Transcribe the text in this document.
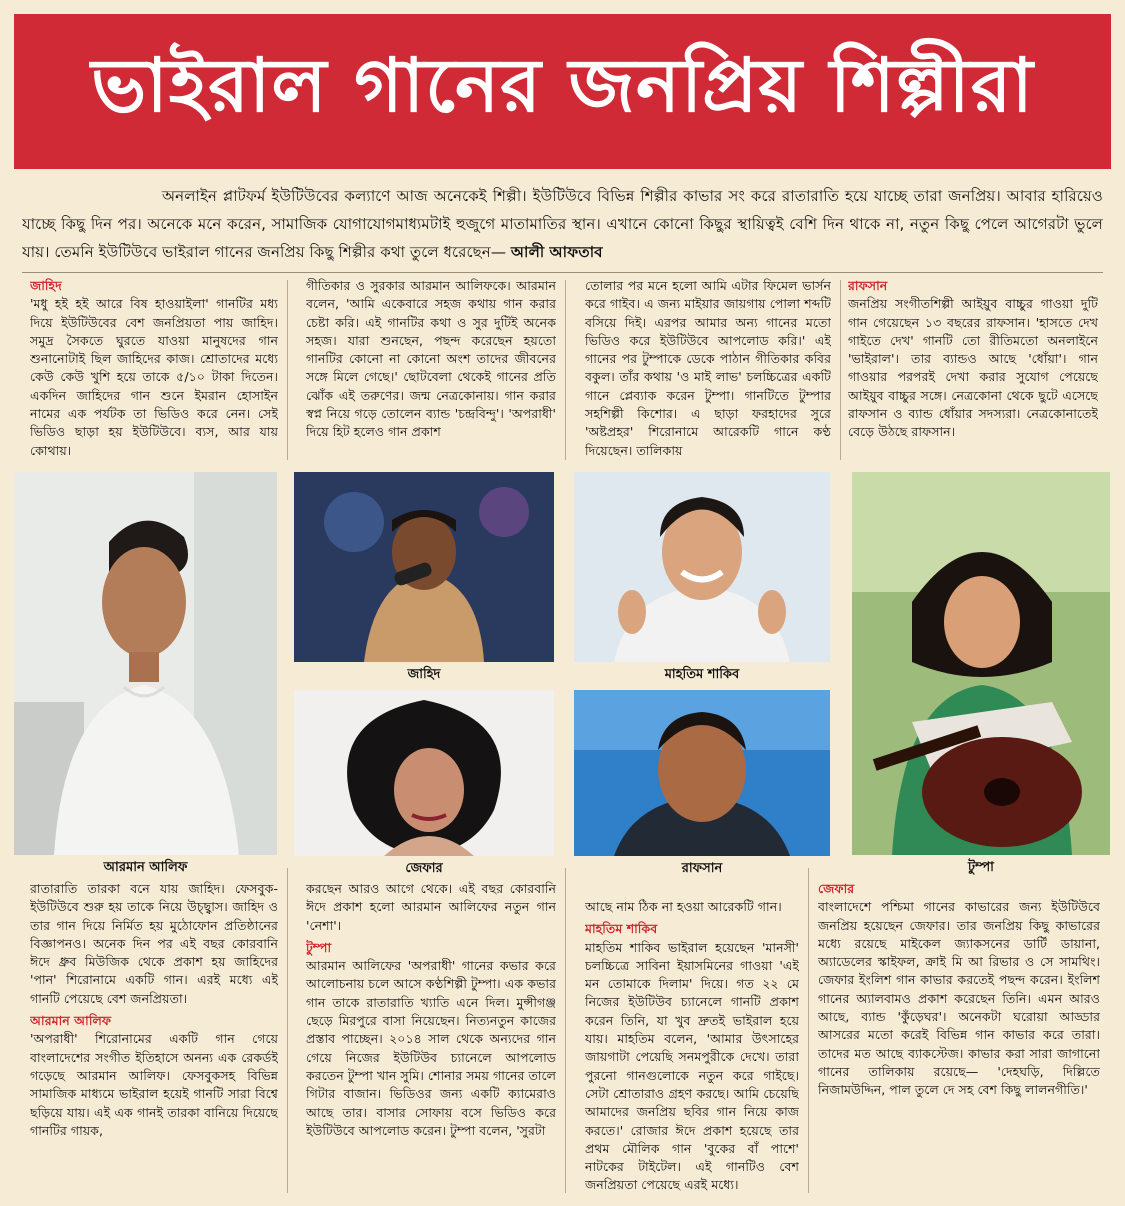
ভাইরাল গানের জনপ্রিয় শিল্পীরা
অনলাইন প্লাটফর্ম ইউটিউবের কল্যাণে আজ অনেকেই শিল্পী। ইউটিউবে বিভিন্ন শিল্পীর কাভার সং করে রাতারাতি হয়ে যাচ্ছে তারা জনপ্রিয়। আবার হারিয়েও যাচ্ছে কিছু দিন পর। অনেকে মনে করেন, সামাজিক যোগাযোগমাধ্যমটাই হুজুগে মাতামাতির স্থান। এখানে কোনো কিছুর স্থায়িত্বই বেশি দিন থাকে না, নতুন কিছু পেলে আগেরটা ভুলে যায়। তেমনি ইউটিউবে ভাইরাল গানের জনপ্রিয় কিছু শিল্পীর কথা তুলে ধরেছেন— আলী আফতাব

জাহিদ

'মধু হই হই আরে বিষ হাওয়াইলা' গানটির মধ্য দিয়ে ইউটিউবের বেশ জনপ্রিয়তা পায় জাহিদ। সমুদ্র সৈকতে ঘুরতে যাওয়া মানুষদের গান শুনানোটাই ছিল জাহিদের কাজ। শ্রোতাদের মধ্যে কেউ কেউ খুশি হয়ে তাকে ৫/১০ টাকা দিতেন। একদিন জাহিদের গান শুনে ইমরান হোসাইন নামের এক পর্যটক তা ভিডিও করে নেন। সেই ভিডিও ছাড়া হয় ইউটিউবে। ব্যস, আর যায় কোথায়।

গীতিকার ও সুরকার আরমান আলিফকে। আরমান বলেন, 'আমি একেবারে সহজ কথায় গান করার চেষ্টা করি। এই গানটির কথা ও সুর দুটিই অনেক সহজ। যারা শুনছেন, পছন্দ করেছেন হয়তো গানটির কোনো না কোনো অংশ তাদের জীবনের সঙ্গে মিলে গেছে।' ছোটবেলা থেকেই গানের প্রতি ঝোঁক এই তরুণের। জন্ম নেত্রকোনায়। গান করার স্বপ্ন নিয়ে গড়ে তোলেন ব্যান্ড 'চন্দ্রবিন্দু'। 'অপরাধী' দিয়ে হিট হলেও গান প্রকাশ

তোলার পর মনে হলো আমি এটার ফিমেল ভার্সন করে গাইব। এ জন্য মাইয়ার জায়গায় পোলা শব্দটি বসিয়ে দিই। এরপর আমার অন্য গানের মতো ভিডিও করে ইউটিউবে আপলোড করি।' এই গানের পর টুম্পাকে ডেকে পাঠান গীতিকার কবির বকুল। তাঁর কথায় 'ও মাই লাভ' চলচ্চিত্রের একটি গানে প্লেব্যাক করেন টুম্পা। গানটিতে টুম্পার সহশিল্পী কিশোর। এ ছাড়া ফরহাদের সুরে 'অষ্টপ্রহর' শিরোনামে আরেকটি গানে কণ্ঠ দিয়েছেন। তালিকায়

রাফসান

জনপ্রিয় সংগীতশিল্পী আইয়ুব বাচ্চুর গাওয়া দুটি গান গেয়েছেন ১৩ বছরের রাফসান। 'হাসতে দেখ গাইতে দেখ' গানটি তো রীতিমতো অনলাইনে 'ভাইরাল'। তার ব্যান্ডও আছে 'ধোঁয়া'। গান গাওয়ার পরপরই দেখা করার সুযোগ পেয়েছে আইয়ুব বাচ্চুর সঙ্গে। নেত্রকোনা থেকে ছুটে এসেছে রাফসান ও ব্যান্ড ধোঁয়ার সদস্যরা। নেত্রকোনাতেই বেড়ে উঠছে রাফসান।

আরমান আলিফ
জাহিদ	মাহতিম শাকিব
টুম্পা
জেফার	রাফসান

রাতারাতি তারকা বনে যায় জাহিদ। ফেসবুক-ইউটিউবে শুরু হয় তাকে নিয়ে উচ্ছ্বাস। জাহিদ ও তার গান দিয়ে নির্মিত হয় মুঠোফোন প্রতিষ্ঠানের বিজ্ঞাপনও। অনেক দিন পর এই বছর কোরবানি ঈদে ধ্রুব মিউজিক থেকে প্রকাশ হয় জাহিদের 'পান' শিরোনামে একটি গান। এরই মধ্যে এই গানটি পেয়েছে বেশ জনপ্রিয়তা।

আরমান আলিফ

'অপরাধী' শিরোনামের একটি গান গেয়ে বাংলাদেশের সংগীত ইতিহাসে অনন্য এক রেকর্ডই গড়েছে আরমান আলিফ। ফেসবুকসহ বিভিন্ন সামাজিক মাধ্যমে ভাইরাল হয়েই গানটি সারা বিশ্বে ছড়িয়ে যায়। এই এক গানই তারকা বানিয়ে দিয়েছে গানটির গায়ক,

করছেন আরও আগে থেকে। এই বছর কোরবানি ঈদে প্রকাশ হলো আরমান আলিফের নতুন গান 'নেশা'।

টুম্পা

আরমান আলিফের 'অপরাধী' গানের কভার করে আলোচনায় চলে আসে কণ্ঠশিল্পী টুম্পা। এক কভার গান তাকে রাতারাতি খ্যাতি এনে দিল। মুন্সীগঞ্জ ছেড়ে মিরপুরে বাসা নিয়েছেন। নিত্যনতুন কাজের প্রস্তাব পাচ্ছেন। ২০১৪ সাল থেকে অন্যদের গান গেয়ে নিজের ইউটিউব চ্যানেলে আপলোড করতেন টুম্পা খান সুমি। শোনার সময় গানের তালে গিটার বাজান। ভিডিওর জন্য একটি ক্যামেরাও আছে তার। বাসার সোফায় বসে ভিডিও করে ইউটিউবে আপলোড করেন। টুম্পা বলেন, 'সুরটা

আছে নাম ঠিক না হওয়া আরেকটি গান।

মাহতিম শাকিব

মাহতিম শাকিব ভাইরাল হয়েছেন 'মানসী' চলচ্চিত্রে সাবিনা ইয়াসমিনের গাওয়া 'এই মন তোমাকে দিলাম' দিয়ে। গত ২২ মে নিজের ইউটিউব চ্যানেলে গানটি প্রকাশ করেন তিনি, যা খুব দ্রুতই ভাইরাল হয়ে যায়। মাহতিম বলেন, 'আমার উৎসাহের জায়গাটা পেয়েছি সনমপুরীকে দেখে। তারা পুরনো গানগুলোকে নতুন করে গাইছে। সেটা শ্রোতারাও গ্রহণ করছে। আমি চেয়েছি আমাদের জনপ্রিয় ছবির গান নিয়ে কাজ করতে।' রোজার ঈদে প্রকাশ হয়েছে তার প্রথম মৌলিক গান 'বুকের বাঁ পাশে' নাটকের টাইটেল। এই গানটিও বেশ জনপ্রিয়তা পেয়েছে এরই মধ্যে।

জেফার

বাংলাদেশে পশ্চিমা গানের কাভারের জন্য ইউটিউবে জনপ্রিয় হয়েছেন জেফার। তার জনপ্রিয় কিছু কাভারের মধ্যে রয়েছে মাইকেল জ্যাকসনের ডার্টি ডায়ানা, অ্যাডেলের স্কাইফল, ক্রাই মি আ রিভার ও সে সামথিং। জেফার ইংলিশ গান কাভার করতেই পছন্দ করেন। ইংলিশ গানের অ্যালবামও প্রকাশ করেছেন তিনি। এমন আরও আছে, ব্যান্ড 'কুঁড়েঘর'। অনেকটা ঘরোয়া আড্ডার আসরের মতো করেই বিভিন্ন গান কাভার করে তারা। তাদের মত আছে ব্যাকস্টেজ। কাভার করা সারা জাগানো গানের তালিকায় রয়েছে— 'দেহঘড়ি, দিল্লিতে নিজামউদ্দিন, পাল তুলে দে সহ বেশ কিছু লালনগীতি।'
